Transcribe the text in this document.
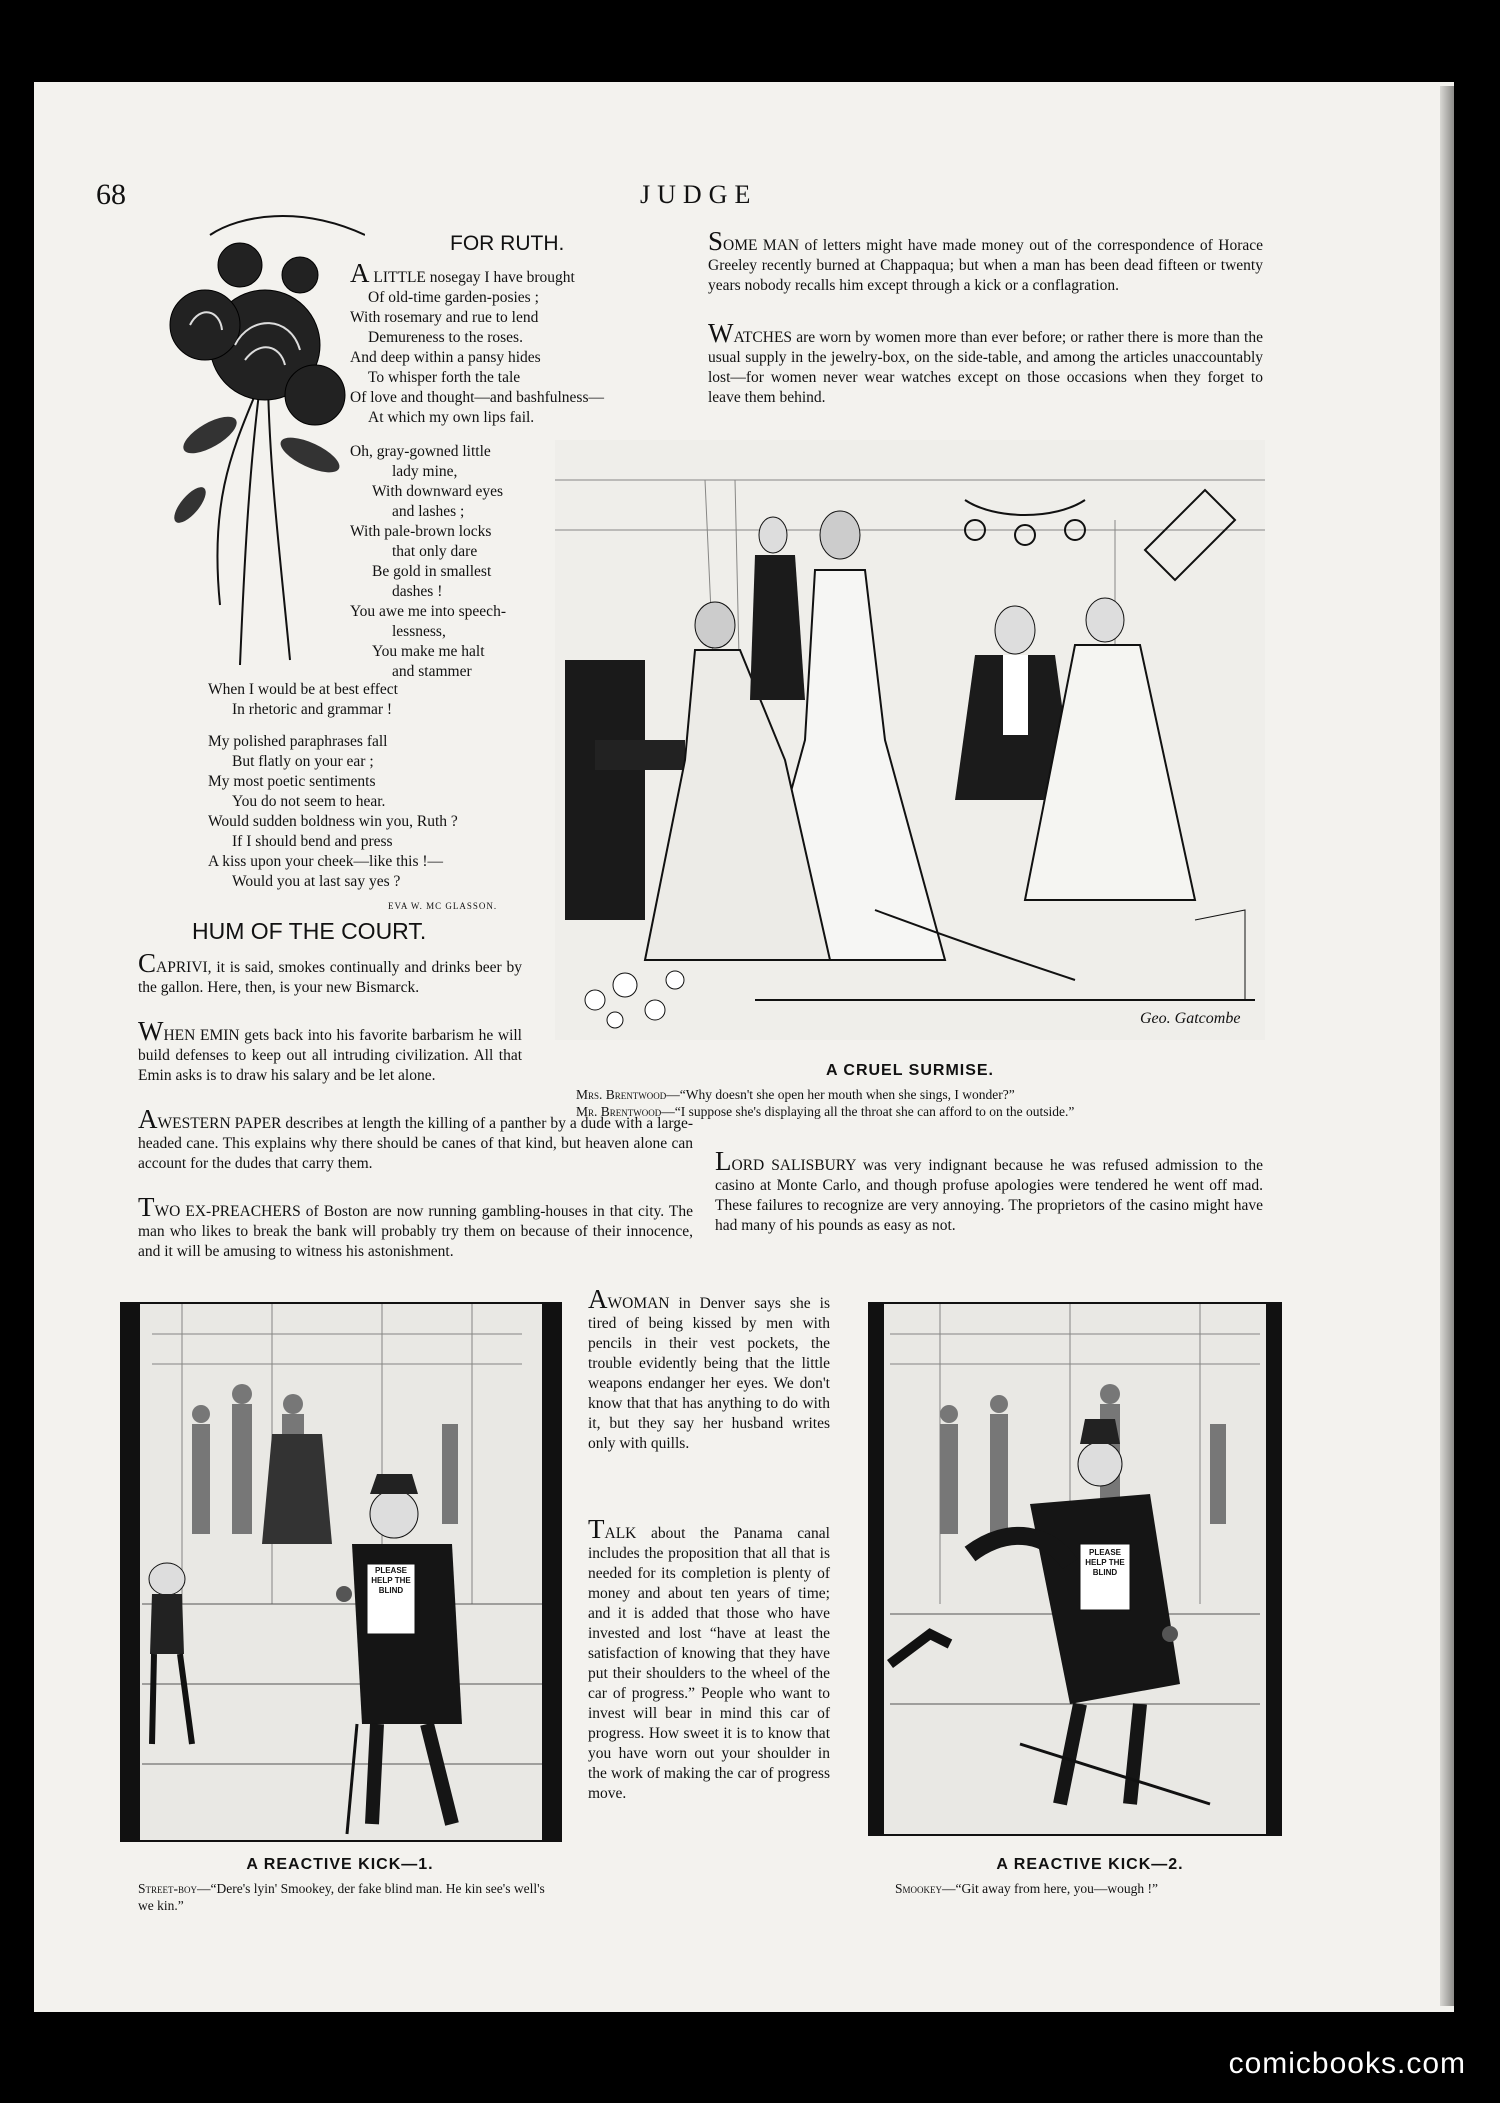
68	JUDGE
FOR RUTH.
A LITTLE nosegay I have brought
Of old-time garden-posies ;
With rosemary and rue to lend
Demureness to the roses.
And deep within a pansy hides
To whisper forth the tale
Of love and thought—and bashfulness—
At which my own lips fail.
Oh, gray-gowned little
lady mine,
With downward eyes
and lashes ;
With pale-brown locks
that only dare
Be gold in smallest
dashes !
You awe me into speech-
lessness,
You make me halt
and stammer
When I would be at best effect
In rhetoric and grammar !
My polished paraphrases fall
But flatly on your ear ;
My most poetic sentiments
You do not seem to hear.
Would sudden boldness win you, Ruth ?
If I should bend and press
A kiss upon your cheek—like this !—
Would you at last say yes ?
EVA W. MC GLASSON.
SOME MAN of letters might have made money out of the correspondence of Horace Greeley recently burned at Chappaqua; but when a man has been dead fifteen or twenty years nobody recalls him except through a kick or a conflagration.
WATCHES are worn by women more than ever before; or rather there is more than the usual supply in the jewelry-box, on the side-table, and among the articles unaccountably lost—for women never wear watches except on those occasions when they forget to leave them behind.
Geo. Gatcombe
A CRUEL SURMISE.
Mrs. Brentwood—“Why doesn't she open her mouth when she sings, I wonder?”
Mr. Brentwood—“I suppose she's displaying all the throat she can afford to on the outside.”
HUM OF THE COURT.
CAPRIVI, it is said, smokes continually and drinks beer by the gallon. Here, then, is your new Bismarck.
WHEN EMIN gets back into his favorite barbarism he will build defenses to keep out all intruding civilization. All that Emin asks is to draw his salary and be let alone.
AWESTERN PAPER describes at length the killing of a panther by a dude with a large-headed cane. This explains why there should be canes of that kind, but heaven alone can account for the dudes that carry them.
TWO EX-PREACHERS of Boston are now running gambling-houses in that city. The man who likes to break the bank will probably try them on because of their innocence, and it will be amusing to witness his astonishment.
LORD SALISBURY was very indignant because he was refused admission to the casino at Monte Carlo, and though profuse apologies were tendered he went off mad. These failures to recognize are very annoying. The proprietors of the casino might have had many of his pounds as easy as not.
PLEASE HELP THE BLIND
A REACTIVE KICK—1.
Street-boy—“Dere's lyin' Smookey, der fake blind man. He kin see's well's we kin.”
AWOMAN in Denver says she is tired of being kissed by men with pencils in their vest pockets, the trouble evidently being that the little weapons endanger her eyes. We don't know that that has anything to do with it, but they say her husband writes only with quills.
TALK about the Panama canal includes the proposition that all that is needed for its completion is plenty of money and about ten years of time; and it is added that those who have invested and lost “have at least the satisfaction of knowing that they have put their shoulders to the wheel of the car of progress.” People who want to invest will bear in mind this car of progress. How sweet it is to know that you have worn out your shoulder in the work of making the car of progress move.
PLEASE HELP THE BLIND
A REACTIVE KICK—2.
Smookey—“Git away from here, you—wough !”
comicbooks.com
